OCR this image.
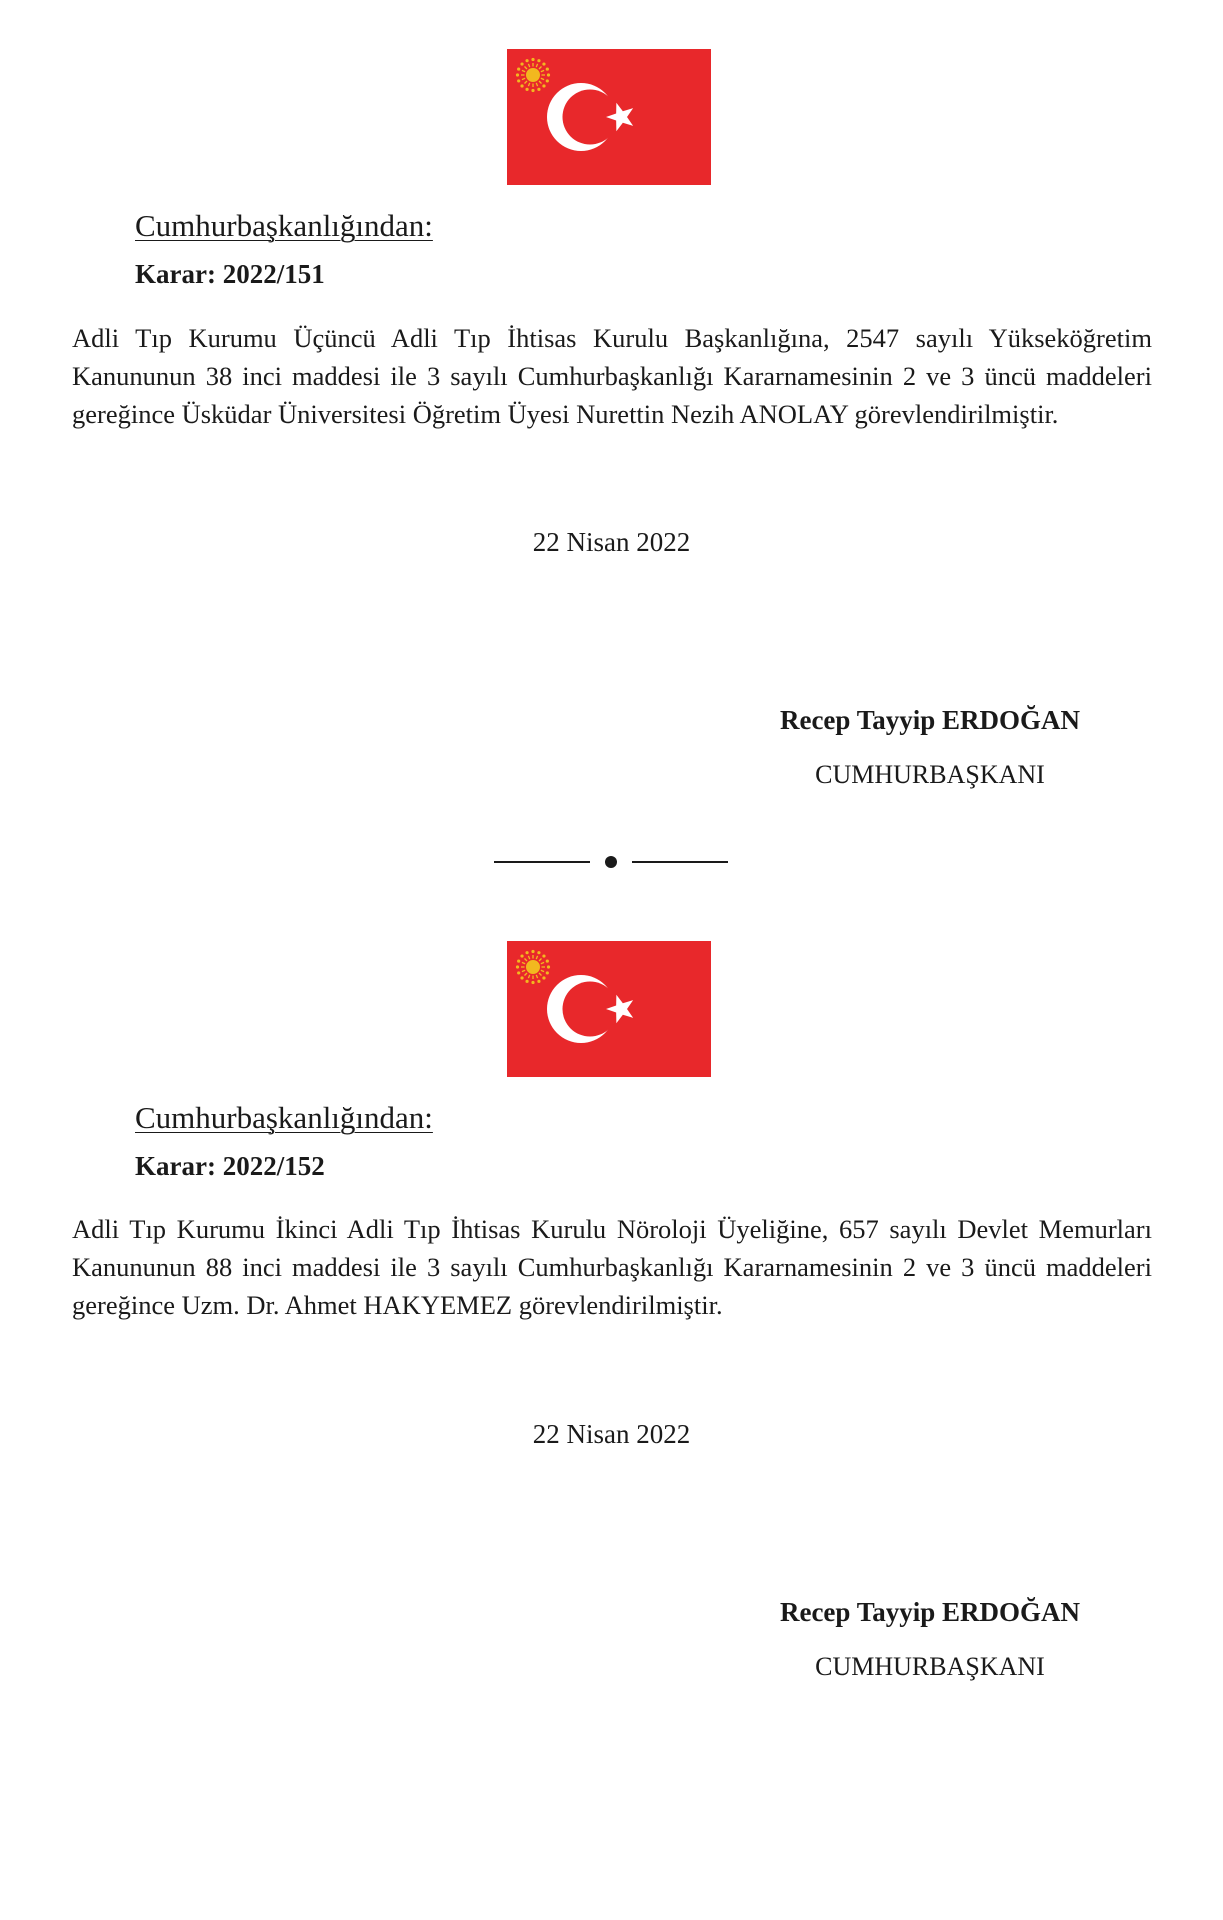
Cumhurbaşkanlığından:
Karar: 2022/151
Adli Tıp Kurumu Üçüncü Adli Tıp İhtisas Kurulu Başkanlığına, 2547 sayılı Yükseköğretim Kanununun 38 inci maddesi ile 3 sayılı Cumhurbaşkanlığı Kararnamesinin 2 ve 3 üncü maddeleri gereğince Üsküdar Üniversitesi Öğretim Üyesi Nurettin Nezih ANOLAY görevlendirilmiştir.
22 Nisan 2022
Recep Tayyip ERDOĞAN
CUMHURBAŞKANI
Cumhurbaşkanlığından:
Karar: 2022/152
Adli Tıp Kurumu İkinci Adli Tıp İhtisas Kurulu Nöroloji Üyeliğine, 657 sayılı Devlet Memurları Kanununun 88 inci maddesi ile 3 sayılı Cumhurbaşkanlığı Kararnamesinin 2 ve 3 üncü maddeleri gereğince Uzm. Dr. Ahmet HAKYEMEZ görevlendirilmiştir.
22 Nisan 2022
Recep Tayyip ERDOĞAN
CUMHURBAŞKANI
